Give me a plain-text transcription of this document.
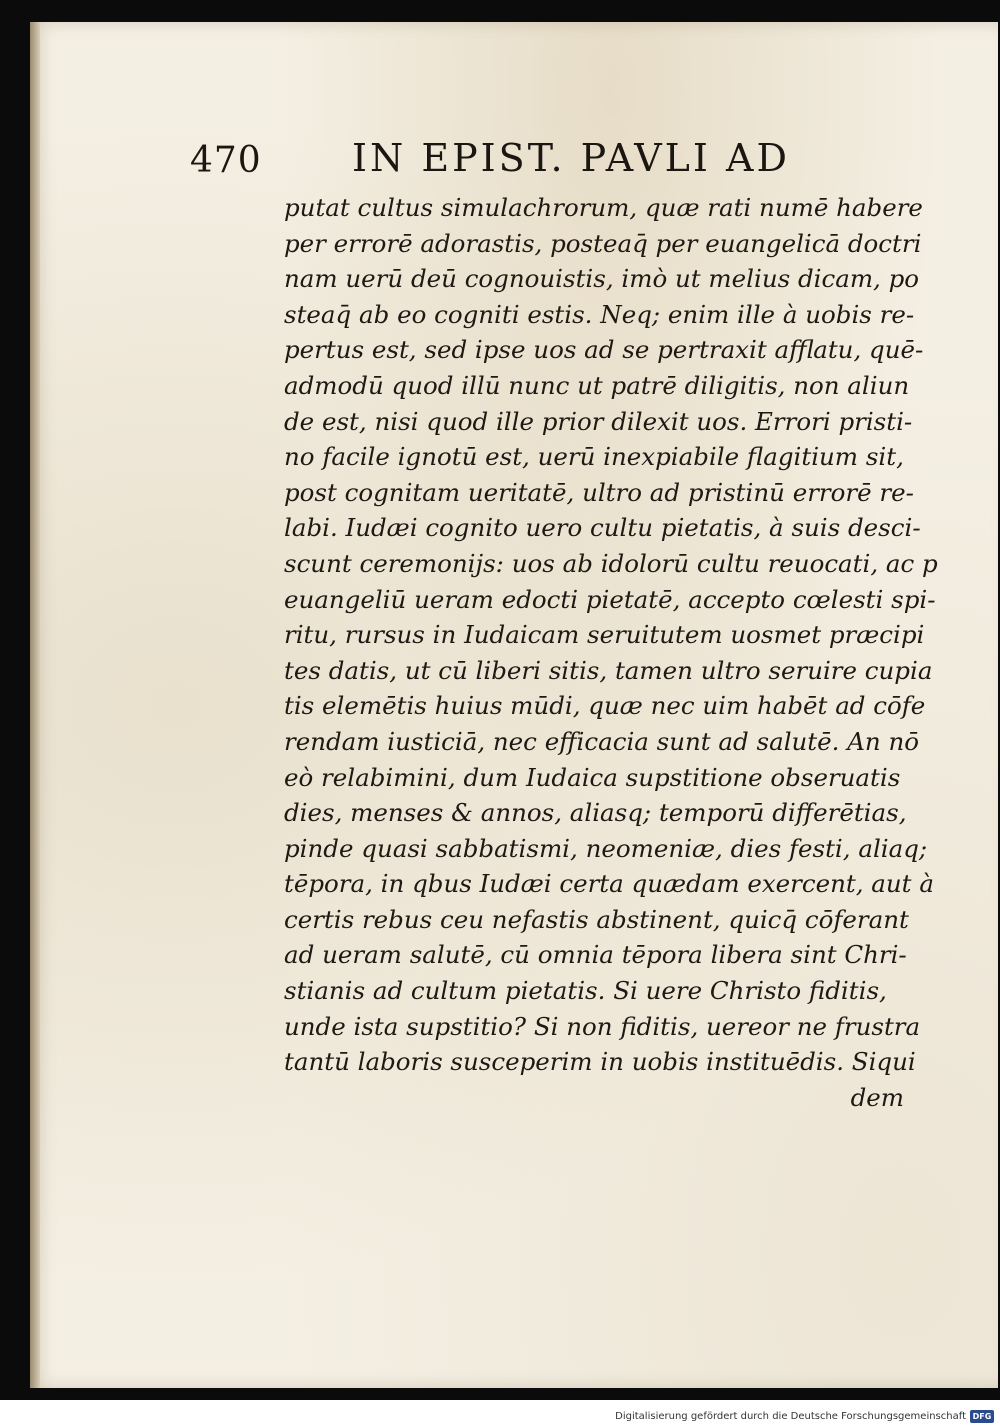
470 IN EPIST. PAVLI AD
putat cultus simulachrorum, quæ rati numē habere
per errorē adorastis, posteaq̄ per euangelicā doctri
nam uerū deū cognouistis, imò ut melius dicam, po
steaq̄ ab eo cogniti estis. Neq; enim ille à uobis re-
pertus est, sed ipse uos ad se pertraxit afflatu, quē-
admodū quod illū nunc ut patrē diligitis, non aliun
de est, nisi quod ille prior dilexit uos. Errori pristi-
no facile ignotū est, uerū inexpiabile flagitium sit,
post cognitam ueritatē, ultro ad pristinū errorē re-
labi. Iudæi cognito uero cultu pietatis, à suis desci-
scunt ceremonijs: uos ab idolorū cultu reuocati, ac p
euangeliū ueram edocti pietatē, accepto cœlesti spi-
ritu, rursus in Iudaicam seruitutem uosmet præcipi
tes datis, ut cū liberi sitis, tamen ultro seruire cupia
tis elemētis huius mūdi, quæ nec uim habēt ad cōfe
rendam iusticiā, nec efficacia sunt ad salutē. An nō
eò relabimini, dum Iudaica supstitione obseruatis
dies, menses & annos, aliasq; temporū differētias,
pinde quasi sabbatismi, neomeniæ, dies festi, aliaq;
tēpora, in qbus Iudæi certa quædam exercent, aut à
certis rebus ceu nefastis abstinent, quicq̄ cōferant
ad ueram salutē, cū omnia tēpora libera sint Chri-
stianis ad cultum pietatis. Si uere Christo fiditis,
unde ista supstitio? Si non fiditis, uereor ne frustra
tantū laboris susceperim in uobis instituēdis. Siqui
dem
Digitalisierung gefördert durch die Deutsche Forschungsgemeinschaft DFG
